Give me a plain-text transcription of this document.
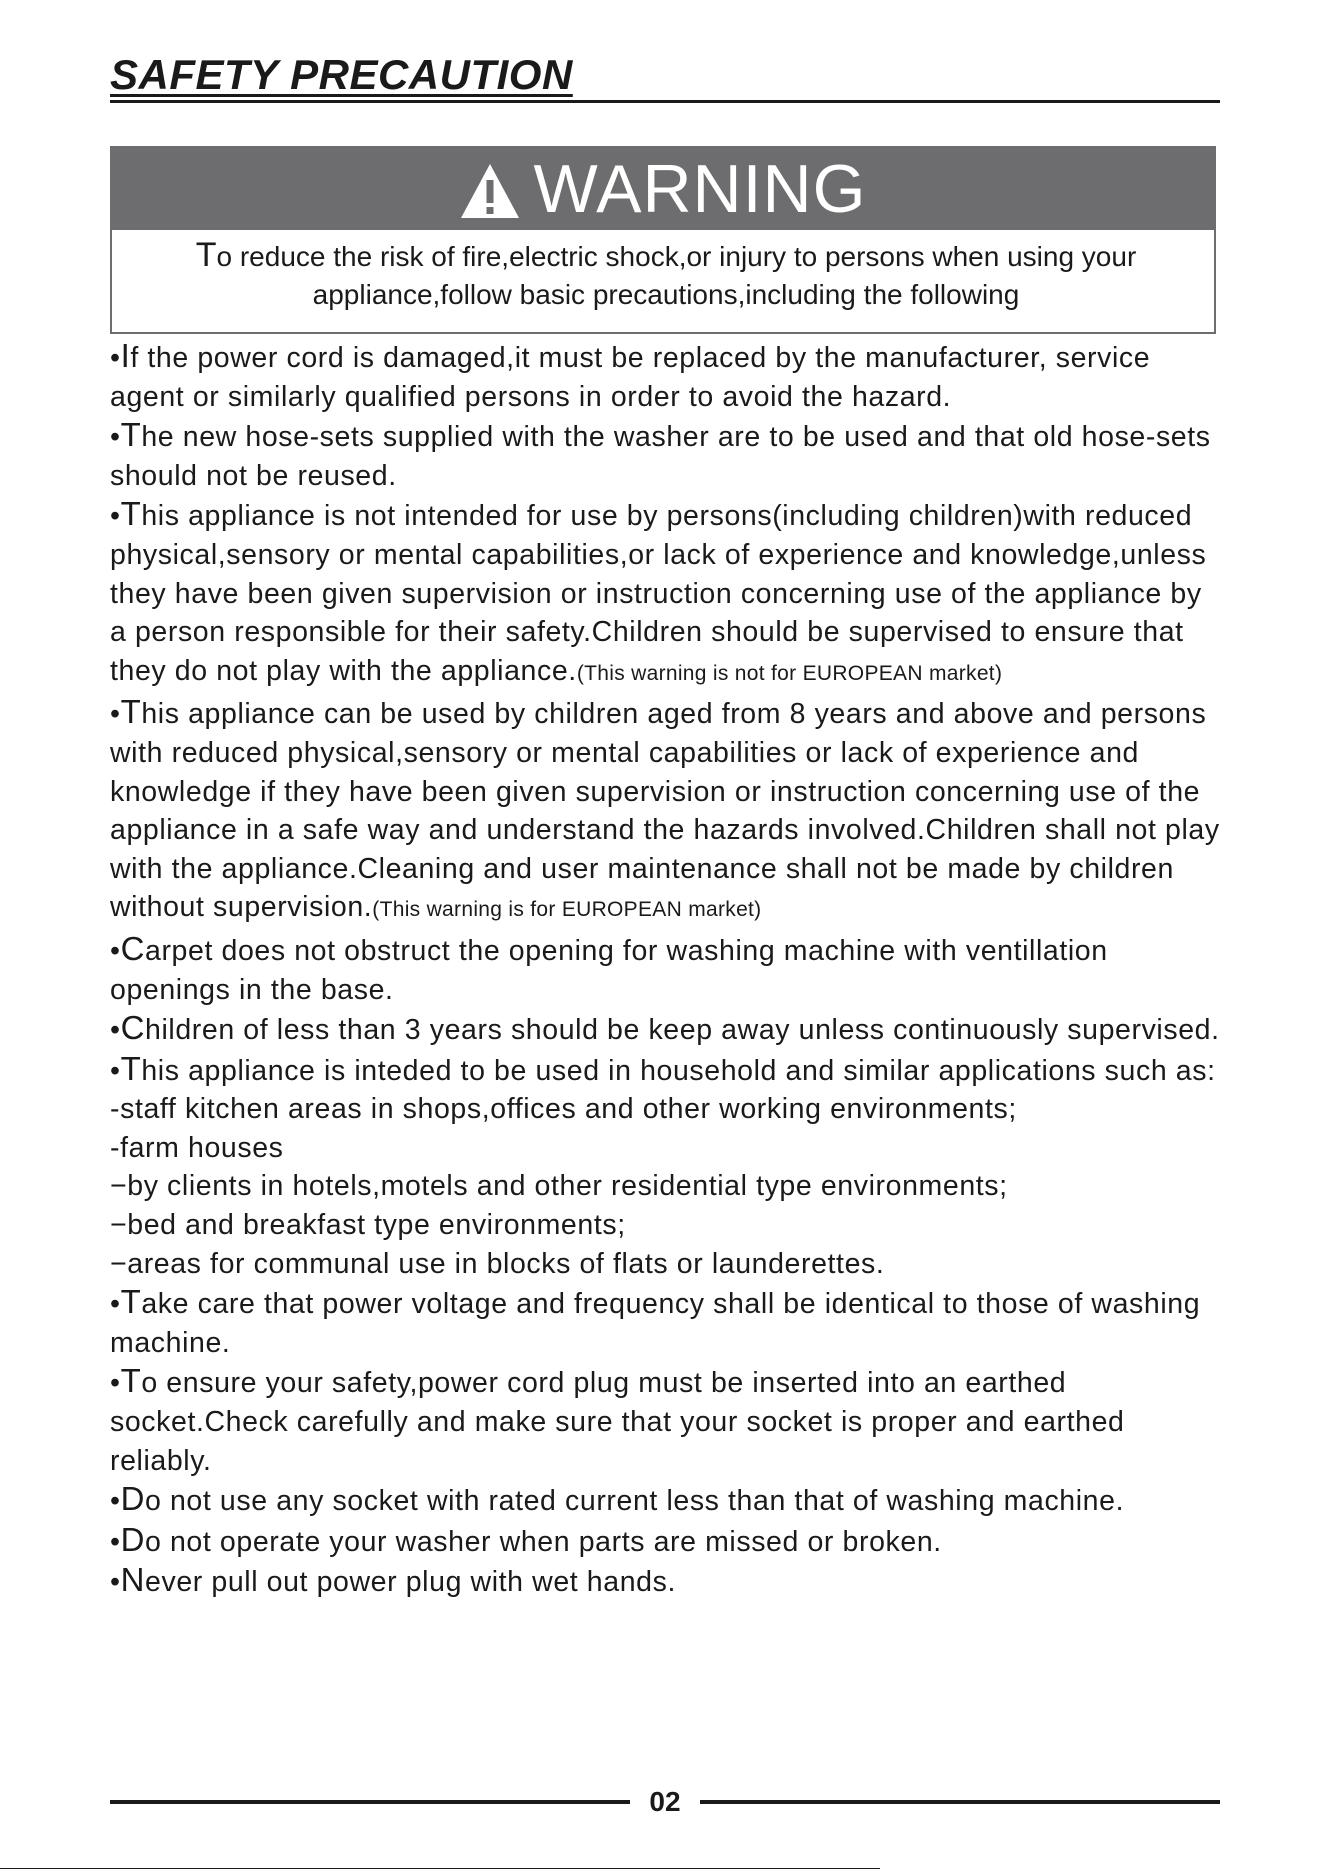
SAFETY PRECAUTION
WARNING
To reduce the risk of fire,electric shock,or injury to persons when using your appliance,follow basic precautions,including the following

•If the power cord is damaged,it must be replaced by the manufacturer, service agent or similarly qualified persons in order to avoid the hazard.

•The new hose-sets supplied with the washer are to be used and that old hose-sets should not be reused.

•This appliance is not intended for use by persons(including children)with reduced physical,sensory or mental capabilities,or lack of experience and knowledge,unless they have been given supervision or instruction concerning use of the appliance by a person responsible for their safety.Children should be supervised to ensure that they do not play with the appliance.(This warning is not for EUROPEAN market)

•This appliance can be used by children aged from 8 years and above and persons with reduced physical,sensory or mental capabilities or lack of experience and knowledge if they have been given supervision or instruction concerning use of the appliance in a safe way and understand the hazards involved.Children shall not play with the appliance.Cleaning and user maintenance shall not be made by children without supervision.(This warning is for EUROPEAN market)

•Carpet does not obstruct the opening for washing machine with ventillation openings in the base.

•Children of less than 3 years should be keep away unless continuously supervised.

•This appliance is inteded to be used in household and similar applications such as:

-staff kitchen areas in shops,offices and other working environments;

-farm houses

−by clients in hotels,motels and other residential type environments;

−bed and breakfast type environments;

−areas for communal use in blocks of flats or launderettes.

•Take care that power voltage and frequency shall be identical to those of washing machine.

•To ensure your safety,power cord plug must be inserted into an earthed socket.Check carefully and make sure that your socket is proper and earthed reliably.

•Do not use any socket with rated current less than that of washing machine.

•Do not operate your washer when parts are missed or broken.

•Never pull out power plug with wet hands.

02
